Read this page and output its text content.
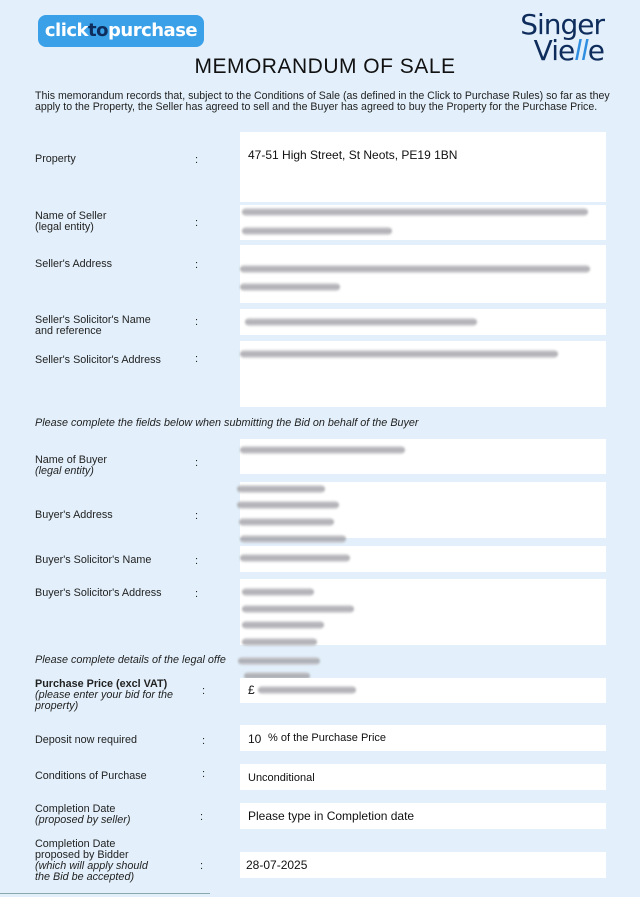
clicktopurchase	Singer
Vielle
MEMORANDUM OF SALE
This memorandum records that, subject to the Conditions of Sale (as defined in the Click to Purchase Rules) so far as they apply to the Property, the Seller has agreed to sell and the Buyer has agreed to buy the Property for the Purchase Price.
Property	:	47-51 High Street, St Neots, PE19 1BN
Name of Seller
(legal entity)	:
Seller's Address	:
Seller's Solicitor's Name
and reference
:
Seller's Solicitor's Address	:
Please complete the fields below when submitting the Bid on behalf of the Buyer
Name of Buyer
(legal entity)
:
Buyer's Address	:
Buyer's Solicitor's Name	:
Buyer's Solicitor's Address	:
Please complete details of the legal offe
Purchase Price (excl VAT)
(please enter your bid for the
property)
:	£
Deposit now required	:	10 % of the Purchase Price
Conditions of Purchase	:	Unconditional
Completion Date
(proposed by seller)	:	Please type in Completion date
Completion Date
proposed by Bidder
(which will apply should
the Bid be accepted)
:	28-07-2025
